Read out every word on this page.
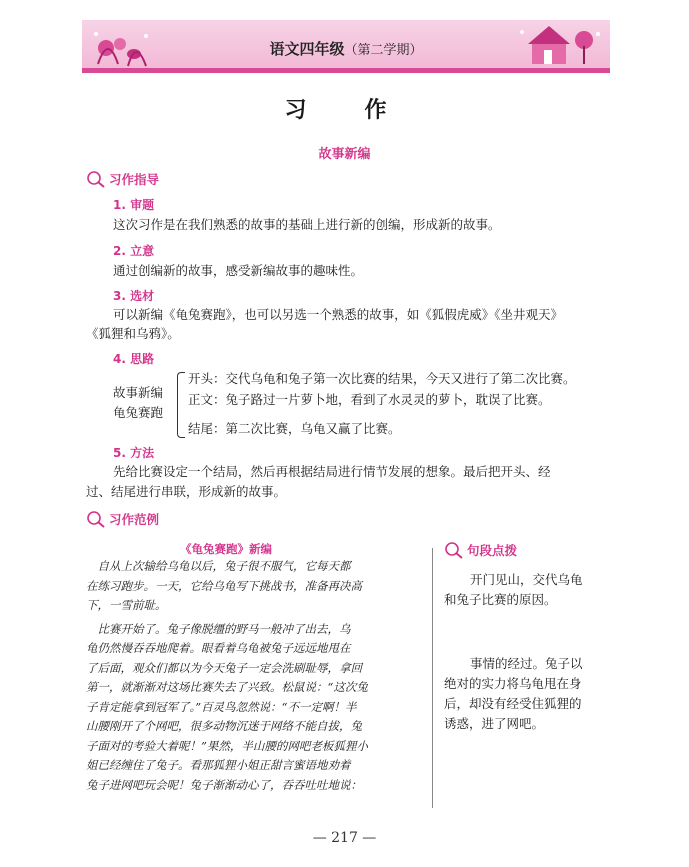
语文四年级（第二学期）
习　作
故事新编
习作指导
1. 审题
这次习作是在我们熟悉的故事的基础上进行新的创编，形成新的故事。
2. 立意
通过创编新的故事，感受新编故事的趣味性。
3. 选材
可以新编《龟兔赛跑》，也可以另选一个熟悉的故事，如《狐假虎威》《坐井观天》
《狐狸和乌鸦》。
4. 思路
故事新编
龟兔赛跑
开头：交代乌龟和兔子第一次比赛的结果，今天又进行了第二次比赛。
正文：兔子路过一片萝卜地，看到了水灵灵的萝卜，耽误了比赛。
结尾：第二次比赛，乌龟又赢了比赛。
5. 方法
先给比赛设定一个结局，然后再根据结局进行情节发展的想象。最后把开头、经
过、结尾进行串联，形成新的故事。
习作范例
《龟兔赛跑》新编
　自从上次输给乌龟以后，兔子很不服气，它每天都
在练习跑步。一天，它给乌龟写下挑战书，准备再决高
下，一雪前耻。
　比赛开始了。兔子像脱缰的野马一般冲了出去，乌
龟仍然慢吞吞地爬着。眼看着乌龟被兔子远远地甩在
了后面，观众们都以为今天兔子一定会洗刷耻辱，拿回
第一，就渐渐对这场比赛失去了兴致。松鼠说：“这次兔
子肯定能拿到冠军了。”百灵鸟忽然说：“不一定啊！半
山腰刚开了个网吧，很多动物沉迷于网络不能自拔，兔
子面对的考验大着呢！”果然，半山腰的网吧老板狐狸小
姐已经缠住了兔子。看那狐狸小姐正甜言蜜语地劝着
兔子进网吧玩会呢！兔子渐渐动心了，吞吞吐吐地说：
句段点拨
开门见山，交代乌龟
和兔子比赛的原因。
事情的经过。兔子以
绝对的实力将乌龟甩在身
后，却没有经受住狐狸的
诱惑，进了网吧。
— 217 —
